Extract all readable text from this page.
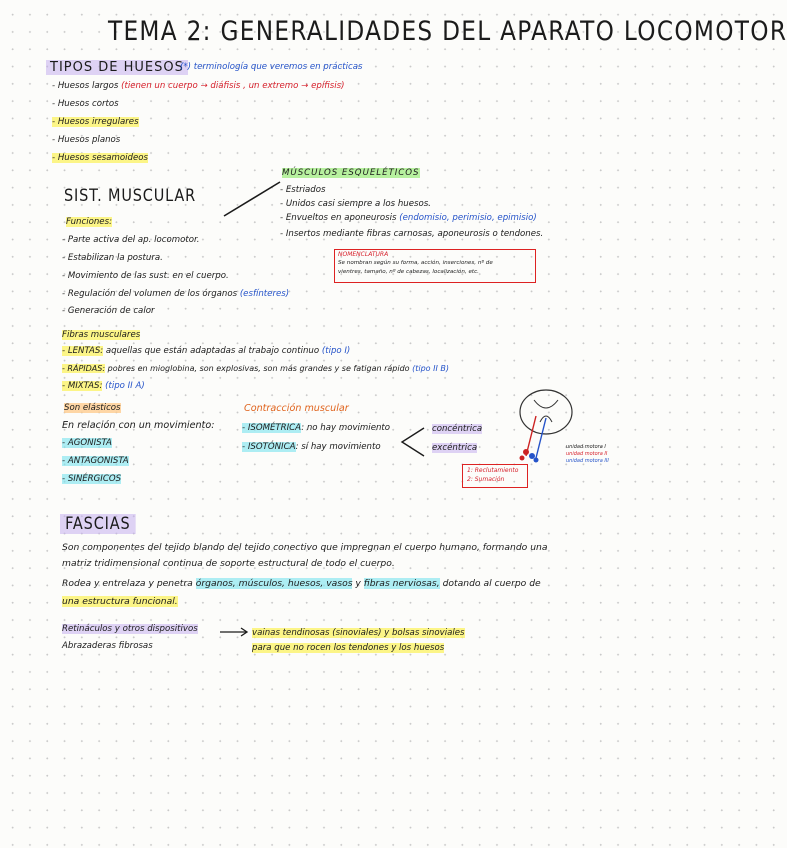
TEMA 2: GENERALIDADES DEL APARATO LOCOMOTOR
TIPOS DE HUESOS
(*) terminología que veremos en prácticas
- Huesos largos (tienen un cuerpo → diáfisis , un extremo → epífisis)
- Huesos cortos
- Huesos irregulares
- Huesos planos
- Huesos sesamoideos
SIST. MUSCULAR
Funciones:
- Parte activa del ap. locomotor.
- Estabilizan la postura.
- Movimiento de las sust. en el cuerpo.
- Regulación del volumen de los órganos (esfínteres)
- Generación de calor
MÚSCULOS ESQUELÉTICOS
- Estriados
- Unidos casi siempre a los huesos.
- Envueltos en aponeurosis (endomisio, perimisio, epimisio)
- Insertos mediante fibras carnosas, aponeurosis o tendones.
NOMENCLATURA
Se nombran según su forma, acción, inserciones, nº de
vientres, tamaño, nº de cabezas, localización, etc.
Fibras musculares
- LENTAS: aquellas que están adaptadas al trabajo continuo (tipo I)
- RÁPIDAS: pobres en mioglobina, son explosivas, son más grandes y se fatigan rápido (tipo II B)
- MIXTAS: (tipo II A)
Son elásticos
En relación con un movimiento:
- AGONISTA
- ANTAGONISTA
- SINÉRGICOS
Contracción muscular
- ISOMÉTRICA: no hay movimiento
- ISOTÓNICA: sí hay movimiento
concéntrica
excéntrica	unidad motora I
unidad motora II
unidad motora III
1: Reclutamiento
2: Sumación
FASCIAS
Son componentes del tejido blando del tejido conectivo que impregnan el cuerpo humano, formando una
matriz tridimensional continua de soporte estructural de todo el cuerpo.
Rodea y entrelaza y penetra órganos, músculos, huesos, vasos y fibras nerviosas, dotando al cuerpo de
una estructura funcional.
Retináculos y otros dispositivos
Abrazaderas fibrosas
vainas tendinosas (sinoviales) y bolsas sinoviales
para que no rocen los tendones y los huesos
